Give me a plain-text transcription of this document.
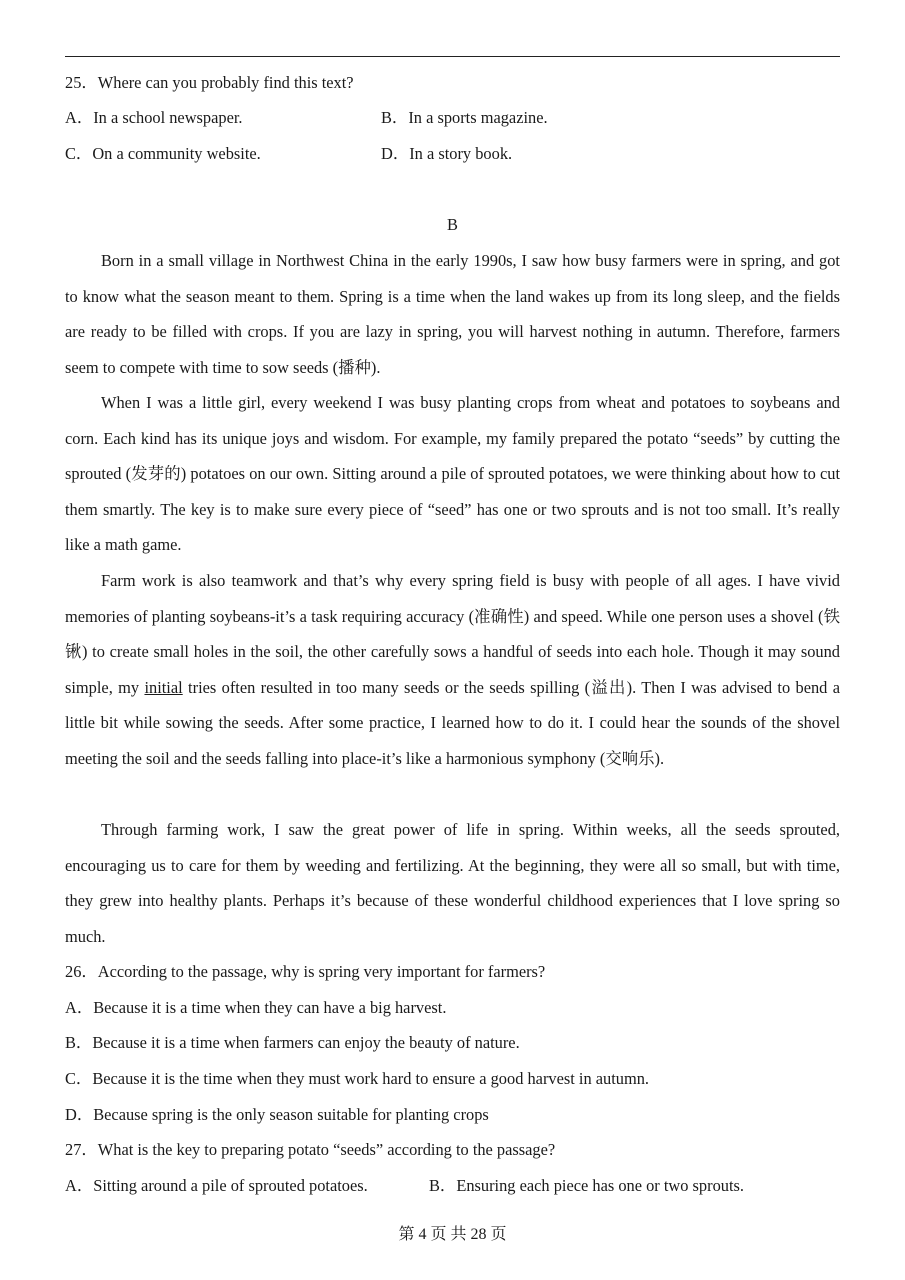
25．Where can you probably find this text?
A．In a school newspaper.	B．In a sports magazine.
C．On a community website.	D．In a story book.
B
Born in a small village in Northwest China in the early 1990s, I saw how busy farmers were in spring, and got to know what the season meant to them. Spring is a time when the land wakes up from its long sleep, and the fields are ready to be filled with crops. If you are lazy in spring, you will harvest nothing in autumn. Therefore, farmers seem to compete with time to sow seeds (播种).
When I was a little girl, every weekend I was busy planting crops from wheat and potatoes to soybeans and corn. Each kind has its unique joys and wisdom. For example, my family prepared the potato “seeds” by cutting the sprouted (发芽的) potatoes on our own. Sitting around a pile of sprouted potatoes, we were thinking about how to cut them smartly. The key is to make sure every piece of “seed” has one or two sprouts and is not too small. It’s really like a math game.
Farm work is also teamwork and that’s why every spring field is busy with people of all ages. I have vivid memories of planting soybeans-it’s a task requiring accuracy (准确性) and speed. While one person uses a shovel (铁锹) to create small holes in the soil, the other carefully sows a handful of seeds into each hole. Though it may sound simple, my initial tries often resulted in too many seeds or the seeds spilling (溢出). Then I was advised to bend a little bit while sowing the seeds. After some practice, I learned how to do it. I could hear the sounds of the shovel meeting the soil and the seeds falling into place-it’s like a harmonious symphony (交响乐).
Through farming work, I saw the great power of life in spring. Within weeks, all the seeds sprouted, encouraging us to care for them by weeding and fertilizing. At the beginning, they were all so small, but with time, they grew into healthy plants. Perhaps it’s because of these wonderful childhood experiences that I love spring so much.
26．According to the passage, why is spring very important for farmers?
A．Because it is a time when they can have a big harvest.
B．Because it is a time when farmers can enjoy the beauty of nature.
C．Because it is the time when they must work hard to ensure a good harvest in autumn.
D．Because spring is the only season suitable for planting crops
27．What is the key to preparing potato “seeds” according to the passage?
A．Sitting around a pile of sprouted potatoes.	B．Ensuring each piece has one or two sprouts.
第 4 页 共 28 页
